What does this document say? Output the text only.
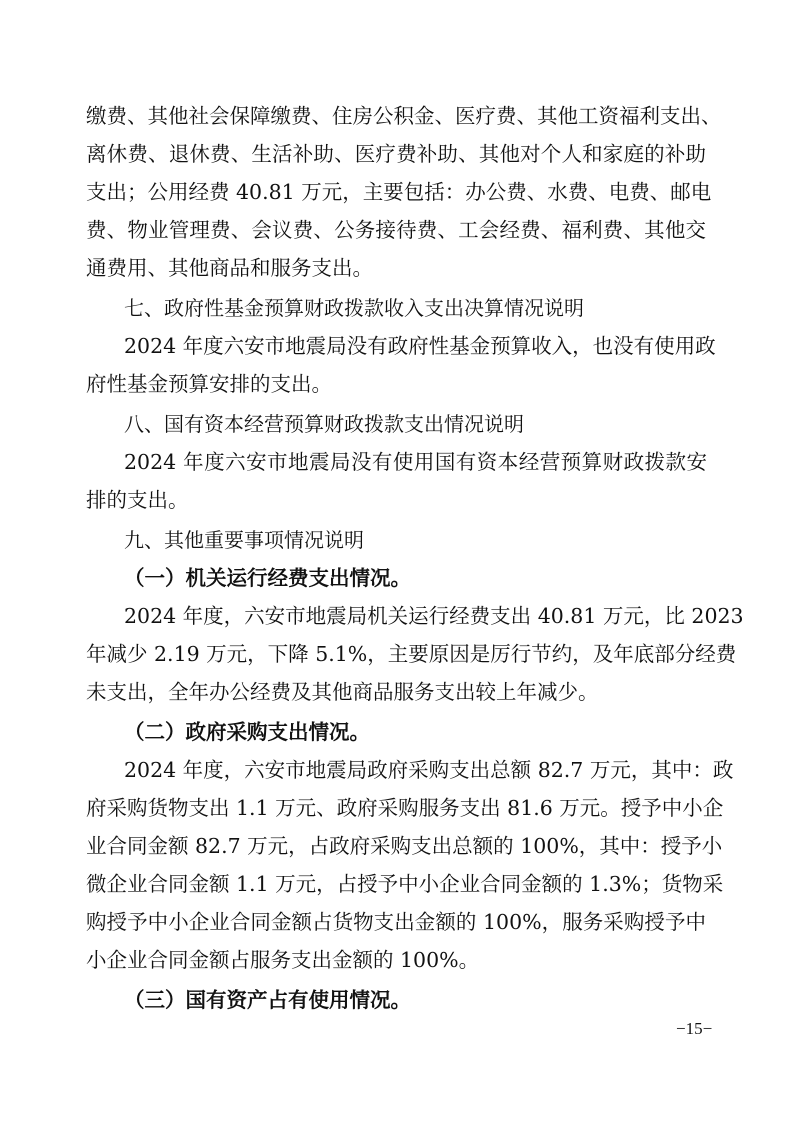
缴费、其他社会保障缴费、住房公积金、医疗费、其他工资福利支出、
离休费、退休费、生活补助、医疗费补助、其他对个人和家庭的补助
支出；公用经费 40.81 万元，主要包括：办公费、水费、电费、邮电
费、物业管理费、会议费、公务接待费、工会经费、福利费、其他交
通费用、其他商品和服务支出。
七、政府性基金预算财政拨款收入支出决算情况说明
2024 年度六安市地震局没有政府性基金预算收入，也没有使用政
府性基金预算安排的支出。
八、国有资本经营预算财政拨款支出情况说明
2024 年度六安市地震局没有使用国有资本经营预算财政拨款安
排的支出。
九、其他重要事项情况说明
（一）机关运行经费支出情况。
2024 年度，六安市地震局机关运行经费支出 40.81 万元，比 2023
年减少 2.19 万元，下降 5.1%，主要原因是厉行节约，及年底部分经费
未支出，全年办公经费及其他商品服务支出较上年减少。
（二）政府采购支出情况。
2024 年度，六安市地震局政府采购支出总额 82.7 万元，其中：政
府采购货物支出 1.1 万元、政府采购服务支出 81.6 万元。授予中小企
业合同金额 82.7 万元，占政府采购支出总额的 100%，其中：授予小
微企业合同金额 1.1 万元，占授予中小企业合同金额的 1.3%；货物采
购授予中小企业合同金额占货物支出金额的 100%，服务采购授予中
小企业合同金额占服务支出金额的 100%。
（三）国有资产占有使用情况。
−15−
